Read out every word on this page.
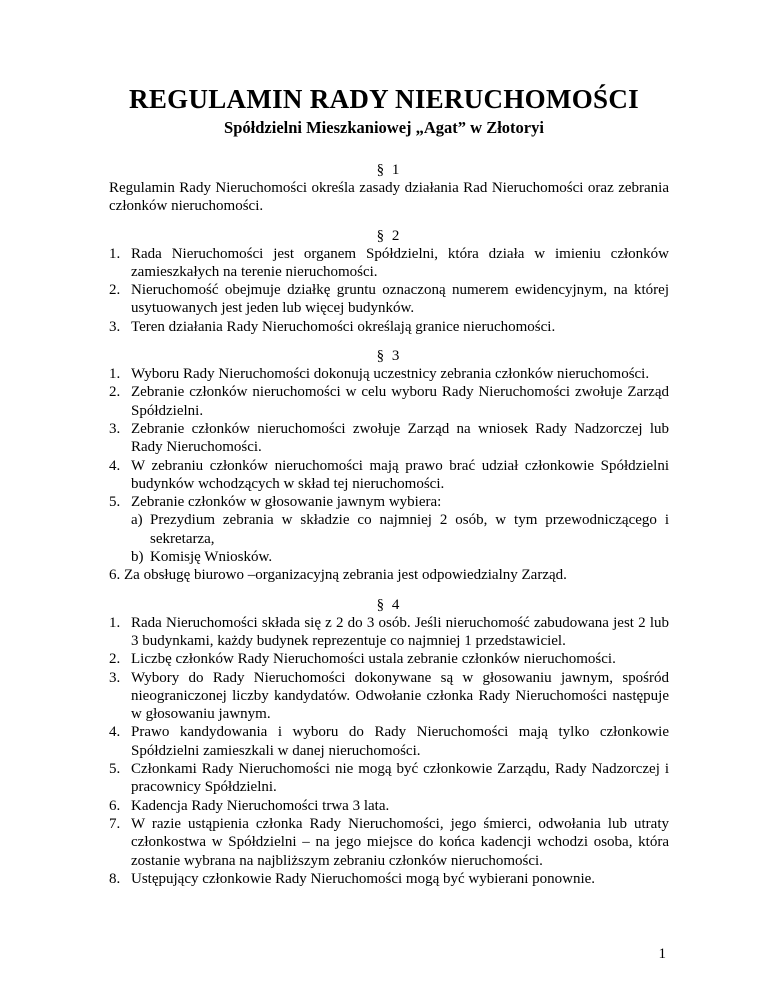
REGULAMIN RADY NIERUCHOMOŚCI
Spółdzielni Mieszkaniowej „Agat” w Złotoryi
§ 1
Regulamin Rady Nieruchomości określa zasady działania Rad Nieruchomości oraz zebrania członków nieruchomości.
§ 2
1. Rada Nieruchomości jest organem Spółdzielni, która działa w imieniu członków zamieszkałych na terenie nieruchomości.
2. Nieruchomość obejmuje działkę gruntu oznaczoną numerem ewidencyjnym, na której usytuowanych jest jeden lub więcej budynków.
3. Teren działania Rady Nieruchomości określają granice nieruchomości.
§ 3
1. Wyboru Rady Nieruchomości dokonują uczestnicy zebrania członków nieruchomości.
2. Zebranie członków nieruchomości w celu wyboru Rady Nieruchomości zwołuje Zarząd Spółdzielni.
3. Zebranie członków nieruchomości zwołuje Zarząd na wniosek Rady Nadzorczej lub Rady Nieruchomości.
4. W zebraniu członków nieruchomości mają prawo brać udział członkowie Spółdzielni budynków wchodzących w skład tej nieruchomości.
5. Zebranie członków w głosowanie jawnym wybiera:
a) Prezydium zebrania w składzie co najmniej 2 osób, w tym przewodniczącego i sekretarza,
b) Komisję Wniosków.
6. Za obsługę biurowo –organizacyjną zebrania jest odpowiedzialny Zarząd.
§ 4
1. Rada Nieruchomości składa się z 2 do 3 osób. Jeśli nieruchomość zabudowana jest 2 lub 3 budynkami, każdy budynek reprezentuje co najmniej 1 przedstawiciel.
2. Liczbę członków Rady Nieruchomości ustala zebranie członków nieruchomości.
3. Wybory do Rady Nieruchomości dokonywane są w głosowaniu jawnym, spośród nieograniczonej liczby kandydatów. Odwołanie członka Rady Nieruchomości następuje w głosowaniu jawnym.
4. Prawo kandydowania i wyboru do Rady Nieruchomości mają tylko członkowie Spółdzielni zamieszkali w danej nieruchomości.
5. Członkami Rady Nieruchomości nie mogą być członkowie Zarządu, Rady Nadzorczej i pracownicy Spółdzielni.
6. Kadencja Rady Nieruchomości trwa 3 lata.
7. W razie ustąpienia członka Rady Nieruchomości, jego śmierci, odwołania lub utraty członkostwa w Spółdzielni – na jego miejsce do końca kadencji wchodzi osoba, która zostanie wybrana na najbliższym zebraniu członków nieruchomości.
8. Ustępujący członkowie Rady Nieruchomości mogą być wybierani ponownie.
1
